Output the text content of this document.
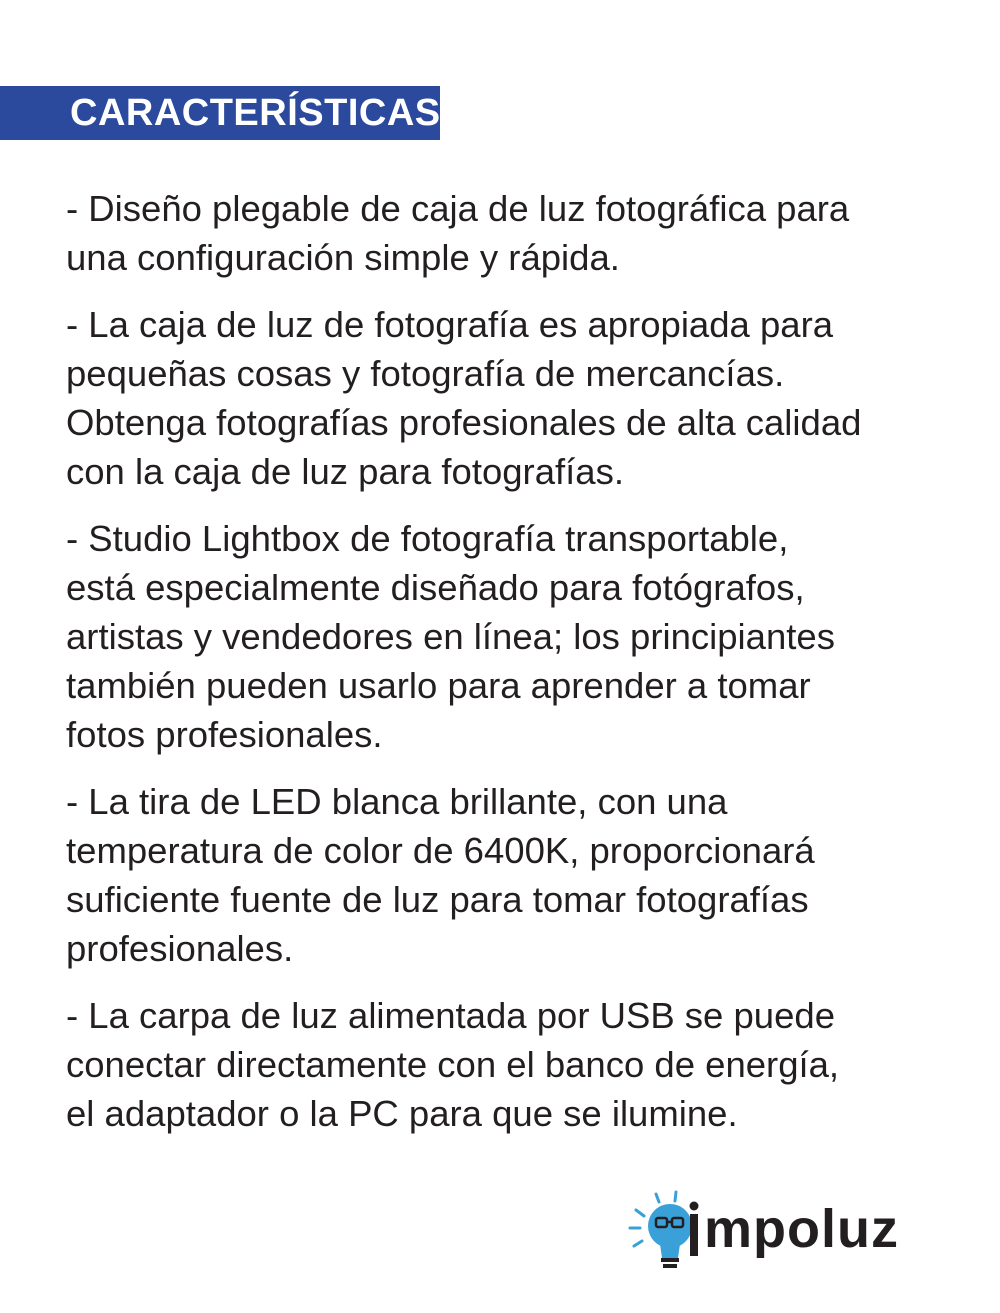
CARACTERÍSTICAS

- Diseño plegable de caja de luz fotográfica para
una configuración simple y rápida.

- La caja de luz de fotografía es apropiada para
pequeñas cosas y fotografía de mercancías.
Obtenga fotografías profesionales de alta calidad
con la caja de luz para fotografías.

- Studio Lightbox de fotografía transportable,
está especialmente diseñado para fotógrafos,
artistas y vendedores en línea; los principiantes
también pueden usarlo para aprender a tomar
fotos profesionales.

- La tira de LED blanca brillante, con una
temperatura de color de 6400K, proporcionará
suficiente fuente de luz para tomar fotografías
profesionales.

- La carpa de luz alimentada por USB se puede
conectar directamente con el banco de energía,
el adaptador o la PC para que se ilumine.

mpoluz
